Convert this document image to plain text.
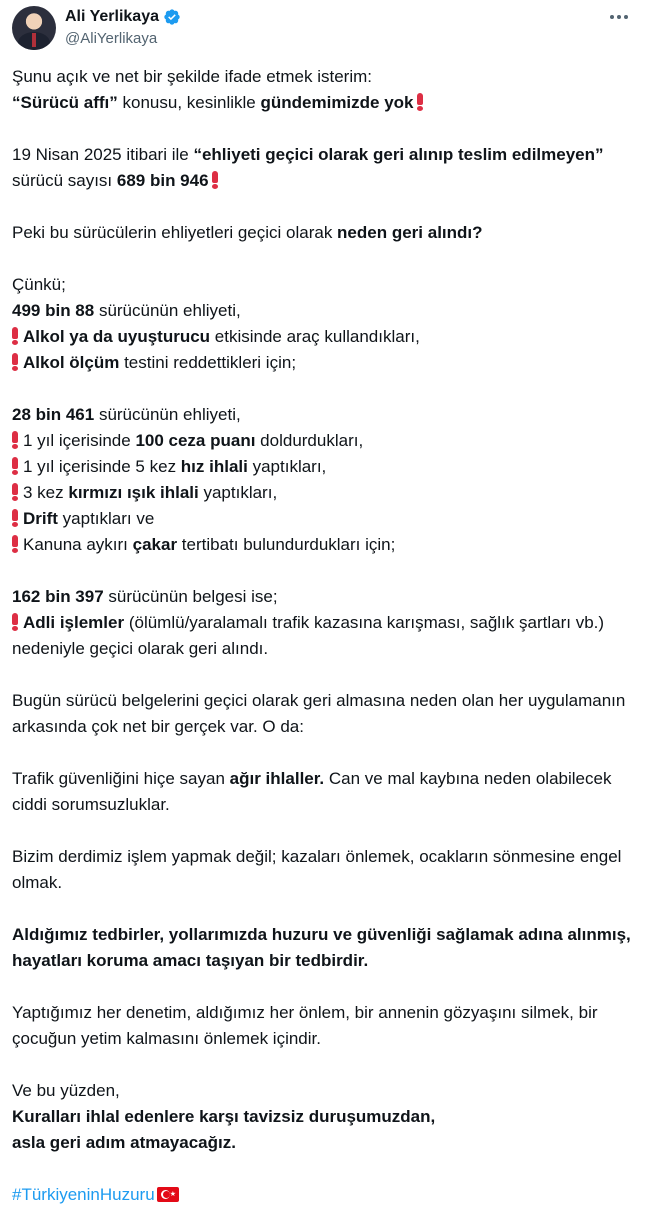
Ali Yerlikaya
@AliYerlikaya

Şunu açık ve net bir şekilde ifade etmek isterim:
“Sürücü affı” konusu, kesinlikle gündemimizde yok

19 Nisan 2025 itibari ile “ehliyeti geçici olarak geri alınıp teslim edilmeyen” sürücü sayısı 689 bin 946

Peki bu sürücülerin ehliyetleri geçici olarak neden geri alındı?

Çünkü;
499 bin 88 sürücünün ehliyeti,
Alkol ya da uyuşturucu etkisinde araç kullandıkları,
Alkol ölçüm testini reddettikleri için;

28 bin 461 sürücünün ehliyeti,
1 yıl içerisinde 100 ceza puanı doldurdukları,
1 yıl içerisinde 5 kez hız ihlali yaptıkları,
3 kez kırmızı ışık ihlali yaptıkları,
Drift yaptıkları ve
Kanuna aykırı çakar tertibatı bulundurdukları için;

162 bin 397 sürücünün belgesi ise;
Adli işlemler (ölümlü/yaralamalı trafik kazasına karışması, sağlık şartları vb.) nedeniyle geçici olarak geri alındı.

Bugün sürücü belgelerini geçici olarak geri almasına neden olan her uygulamanın arkasında çok net bir gerçek var. O da:

Trafik güvenliğini hiçe sayan ağır ihlaller. Can ve mal kaybına neden olabilecek ciddi sorumsuzluklar.

Bizim derdimiz işlem yapmak değil; kazaları önlemek, ocakların sönmesine engel olmak.

Aldığımız tedbirler, yollarımızda huzuru ve güvenliği sağlamak adına alınmış, hayatları koruma amacı taşıyan bir tedbirdir.

Yaptığımız her denetim, aldığımız her önlem, bir annenin gözyaşını silmek, bir çocuğun yetim kalmasını önlemek içindir.

Ve bu yüzden,
Kuralları ihlal edenlere karşı tavizsiz duruşumuzdan,
asla geri adım atmayacağız.

#TürkiyeninHuzuru ★
